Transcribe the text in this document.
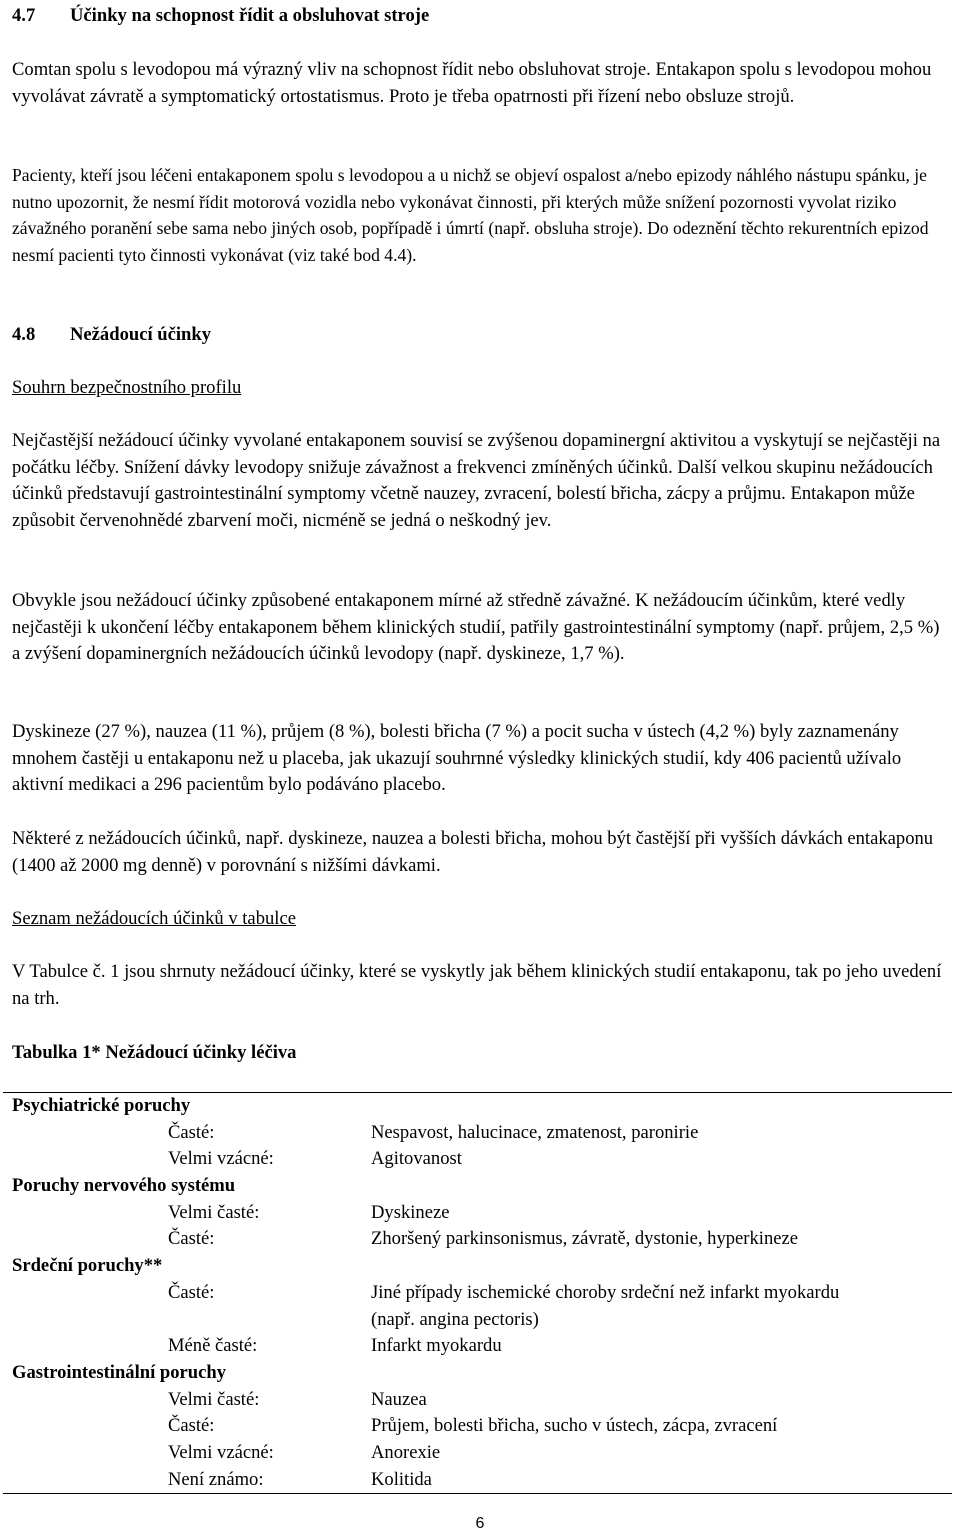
4.7 Účinky na schopnost řídit a obsluhovat stroje

Comtan spolu s levodopou má výrazný vliv na schopnost řídit nebo obsluhovat stroje. Entakapon spolu s levodopou mohou vyvolávat závratě a symptomatický ortostatismus. Proto je třeba opatrnosti při řízení nebo obsluze strojů.

Pacienty, kteří jsou léčeni entakaponem spolu s levodopou a u nichž se objeví ospalost a/nebo epizody náhlého nástupu spánku, je nutno upozornit, že nesmí řídit motorová vozidla nebo vykonávat činnosti, při kterých může snížení pozornosti vyvolat riziko závažného poranění sebe sama nebo jiných osob, popřípadě i úmrtí (např. obsluha stroje). Do odeznění těchto rekurentních epizod nesmí pacienti tyto činnosti vykonávat (viz také bod 4.4).

4.8 Nežádoucí účinky

Souhrn bezpečnostního profilu

Nejčastější nežádoucí účinky vyvolané entakaponem souvisí se zvýšenou dopaminergní aktivitou a vyskytují se nejčastěji na počátku léčby. Snížení dávky levodopy snižuje závažnost a frekvenci zmíněných účinků. Další velkou skupinu nežádoucích účinků představují gastrointestinální symptomy včetně nauzey, zvracení, bolestí břicha, zácpy a průjmu. Entakapon může způsobit červenohnědé zbarvení moči, nicméně se jedná o neškodný jev.

Obvykle jsou nežádoucí účinky způsobené entakaponem mírné až středně závažné. K nežádoucím účinkům, které vedly nejčastěji k ukončení léčby entakaponem během klinických studií, patřily gastrointestinální symptomy (např. průjem, 2,5 %) a zvýšení dopaminergních nežádoucích účinků levodopy (např. dyskineze, 1,7 %).

Dyskineze (27 %), nauzea (11 %), průjem (8 %), bolesti břicha (7 %) a pocit sucha v ústech (4,2 %) byly zaznamenány mnohem častěji u entakaponu než u placeba, jak ukazují souhrnné výsledky klinických studií, kdy 406 pacientů užívalo aktivní medikaci a 296 pacientům bylo podáváno placebo.

Některé z nežádoucích účinků, např. dyskineze, nauzea a bolesti břicha, mohou být častější při vyšších dávkách entakaponu (1400 až 2000 mg denně) v porovnání s nižšími dávkami.

Seznam nežádoucích účinků v tabulce

V Tabulce č. 1 jsou shrnuty nežádoucí účinky, které se vyskytly jak během klinických studií entakaponu, tak po jeho uvedení na trh.

Tabulka 1* Nežádoucí účinky léčiva

Psychiatrické poruchy
Časté:	Nespavost, halucinace, zmatenost, paronirie
Velmi vzácné:	Agitovanost
Poruchy nervového systému
Velmi časté:	Dyskineze
Časté:	Zhoršený parkinsonismus, závratě, dystonie, hyperkineze
Srdeční poruchy**
Časté:	Jiné případy ischemické choroby srdeční než infarkt myokardu (např. angina pectoris)
Méně časté:	Infarkt myokardu
Gastrointestinální poruchy
Velmi časté:	Nauzea
Časté:	Průjem, bolesti břicha, sucho v ústech, zácpa, zvracení
Velmi vzácné:	Anorexie
Není známo:	Kolitida
6
